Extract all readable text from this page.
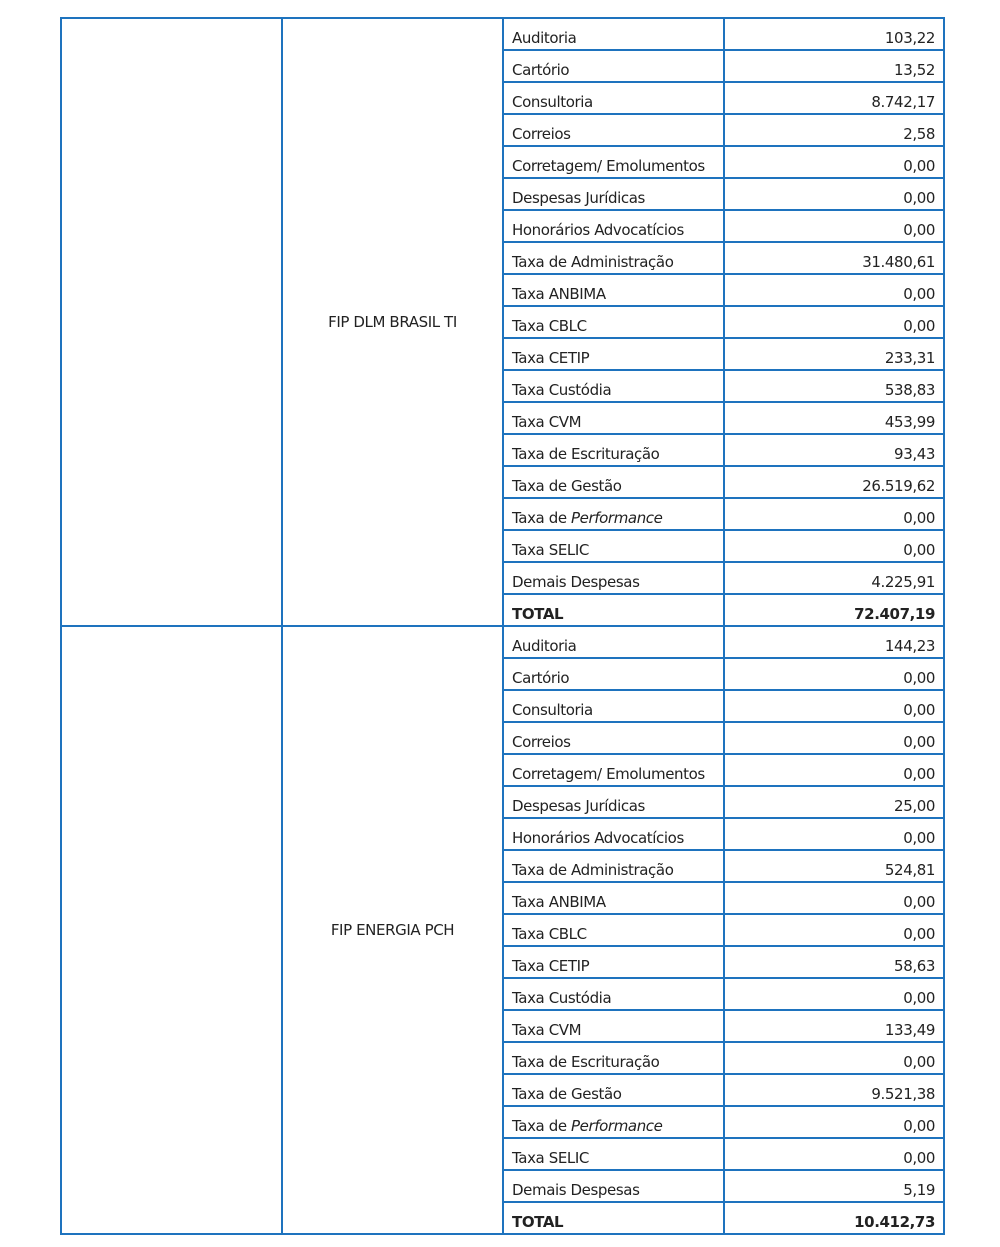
	FIP DLM BRASIL TI	Auditoria	103,22
		Cartório	13,52
		Consultoria	8.742,17
		Correios	2,58
		Corretagem/ Emolumentos	0,00
		Despesas Jurídicas	0,00
		Honorários Advocatícios	0,00
		Taxa de Administração	31.480,61
		Taxa ANBIMA	0,00
		Taxa CBLC	0,00
		Taxa CETIP	233,31
		Taxa Custódia	538,83
		Taxa CVM	453,99
		Taxa de Escrituração	93,43
		Taxa de Gestão	26.519,62
		Taxa de Performance	0,00
		Taxa SELIC	0,00
		Demais Despesas	4.225,91
		TOTAL	72.407,19
	FIP ENERGIA PCH	Auditoria	144,23
		Cartório	0,00
		Consultoria	0,00
		Correios	0,00
		Corretagem/ Emolumentos	0,00
		Despesas Jurídicas	25,00
		Honorários Advocatícios	0,00
		Taxa de Administração	524,81
		Taxa ANBIMA	0,00
		Taxa CBLC	0,00
		Taxa CETIP	58,63
		Taxa Custódia	0,00
		Taxa CVM	133,49
		Taxa de Escrituração	0,00
		Taxa de Gestão	9.521,38
		Taxa de Performance	0,00
		Taxa SELIC	0,00
		Demais Despesas	5,19
		TOTAL	10.412,73
